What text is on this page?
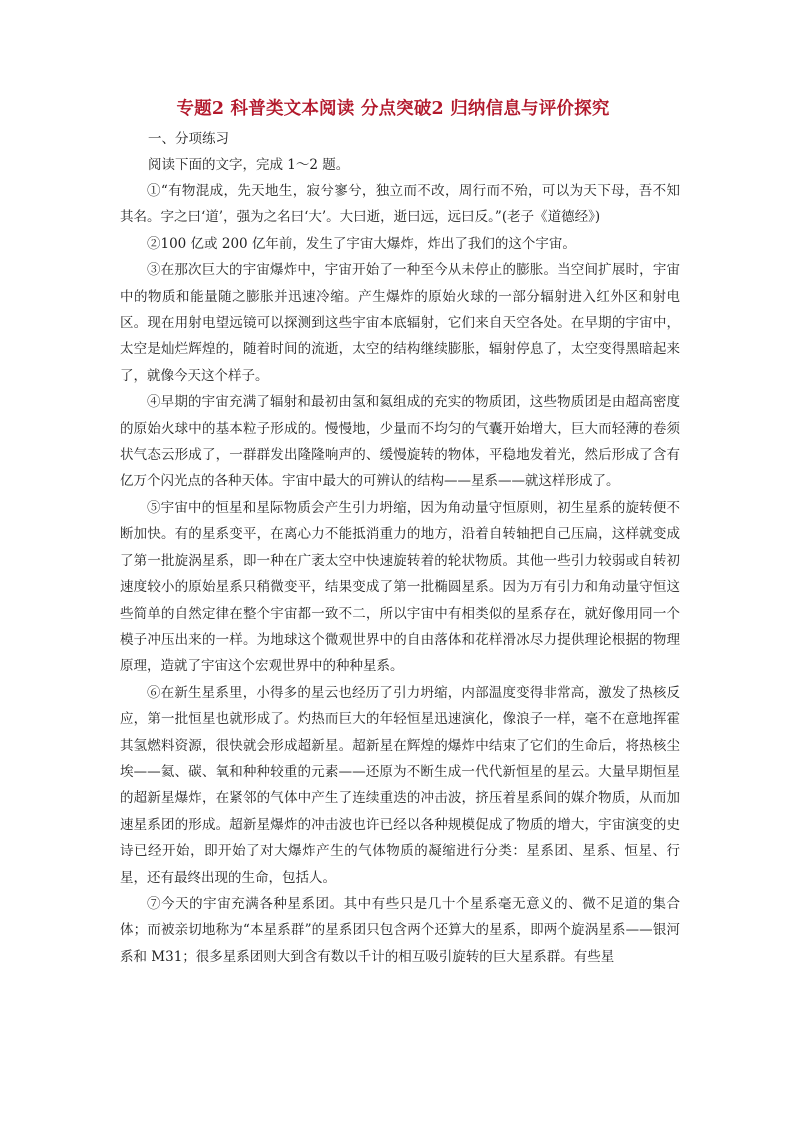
专题2 科普类文本阅读 分点突破2 归纳信息与评价探究
一、分项练习
阅读下面的文字，完成 1～2 题。

①“有物混成，先天地生，寂兮寥兮，独立而不改，周行而不殆，可以为天下母，吾不知其名。字之曰‘道’，强为之名曰‘大’。大曰逝，逝曰远，远曰反。”(老子《道德经》)

②100 亿或 200 亿年前，发生了宇宙大爆炸，炸出了我们的这个宇宙。

③在那次巨大的宇宙爆炸中，宇宙开始了一种至今从未停止的膨胀。当空间扩展时，宇宙中的物质和能量随之膨胀并迅速冷缩。产生爆炸的原始火球的一部分辐射进入红外区和射电区。现在用射电望远镜可以探测到这些宇宙本底辐射，它们来自天空各处。在早期的宇宙中，太空是灿烂辉煌的，随着时间的流逝，太空的结构继续膨胀，辐射停息了，太空变得黑暗起来了，就像今天这个样子。

④早期的宇宙充满了辐射和最初由氢和氦组成的充实的物质团，这些物质团是由超高密度的原始火球中的基本粒子形成的。慢慢地，少量而不均匀的气囊开始增大，巨大而轻薄的卷须状气态云形成了，一群群发出隆隆响声的、缓慢旋转的物体，平稳地发着光，然后形成了含有亿万个闪光点的各种天体。宇宙中最大的可辨认的结构——星系——就这样形成了。

⑤宇宙中的恒星和星际物质会产生引力坍缩，因为角动量守恒原则，初生星系的旋转便不断加快。有的星系变平，在离心力不能抵消重力的地方，沿着自转轴把自己压扁，这样就变成了第一批旋涡星系，即一种在广袤太空中快速旋转着的轮状物质。其他一些引力较弱或自转初速度较小的原始星系只稍微变平，结果变成了第一批椭圆星系。因为万有引力和角动量守恒这些简单的自然定律在整个宇宙都一致不二，所以宇宙中有相类似的星系存在，就好像用同一个模子冲压出来的一样。为地球这个微观世界中的自由落体和花样滑冰尽力提供理论根据的物理原理，造就了宇宙这个宏观世界中的种种星系。

⑥在新生星系里，小得多的星云也经历了引力坍缩，内部温度变得非常高，激发了热核反应，第一批恒星也就形成了。灼热而巨大的年轻恒星迅速演化，像浪子一样，毫不在意地挥霍其氢燃料资源，很快就会形成超新星。超新星在辉煌的爆炸中结束了它们的生命后，将热核尘埃——氦、碳、氧和种种较重的元素——还原为不断生成一代代新恒星的星云。大量早期恒星的超新星爆炸，在紧邻的气体中产生了连续重迭的冲击波，挤压着星系间的媒介物质，从而加速星系团的形成。超新星爆炸的冲击波也许已经以各种规模促成了物质的增大，宇宙演变的史诗已经开始，即开始了对大爆炸产生的气体物质的凝缩进行分类：星系团、星系、恒星、行星，还有最终出现的生命，包括人。

⑦今天的宇宙充满各种星系团。其中有些只是几十个星系毫无意义的、微不足道的集合体；而被亲切地称为“本星系群”的星系团只包含两个还算大的星系，即两个旋涡星系——银河系和 M31；很多星系团则大到含有数以千计的相互吸引旋转的巨大星系群。有些星
